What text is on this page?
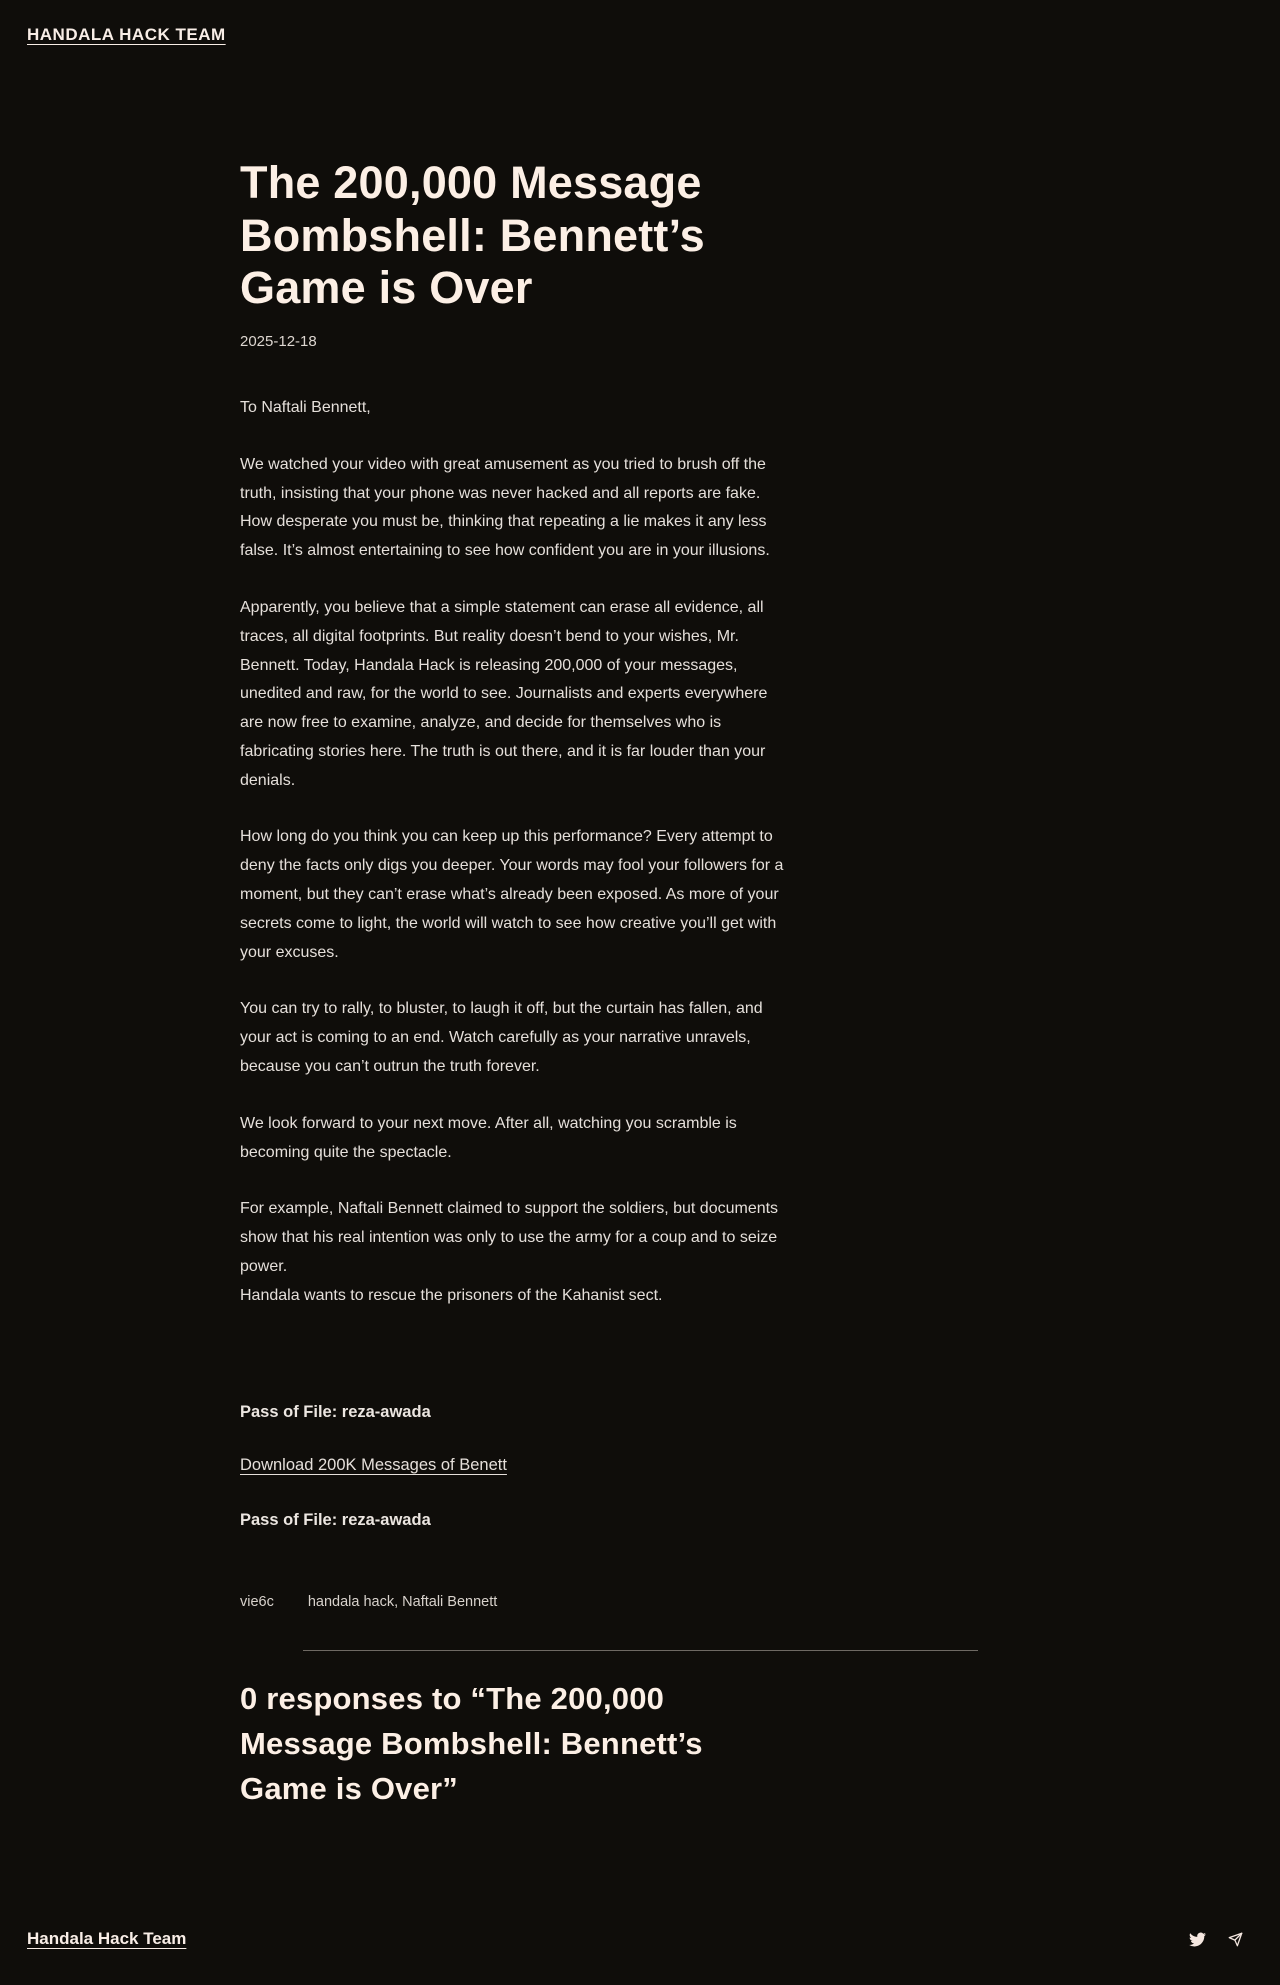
HANDALA HACK TEAM
The 200,000 Message Bombshell: Bennett’s Game is Over
2025-12-18

To Naftali Bennett,

We watched your video with great amusement as you tried to brush off the truth, insisting that your phone was never hacked and all reports are fake. How desperate you must be, thinking that repeating a lie makes it any less false. It’s almost entertaining to see how confident you are in your illusions.

Apparently, you believe that a simple statement can erase all evidence, all traces, all digital footprints. But reality doesn’t bend to your wishes, Mr. Bennett. Today, Handala Hack is releasing 200,000 of your messages, unedited and raw, for the world to see. Journalists and experts everywhere are now free to examine, analyze, and decide for themselves who is fabricating stories here. The truth is out there, and it is far louder than your denials.

How long do you think you can keep up this performance? Every attempt to deny the facts only digs you deeper. Your words may fool your followers for a moment, but they can’t erase what’s already been exposed. As more of your secrets come to light, the world will watch to see how creative you’ll get with your excuses.

You can try to rally, to bluster, to laugh it off, but the curtain has fallen, and your act is coming to an end. Watch carefully as your narrative unravels, because you can’t outrun the truth forever.

We look forward to your next move. After all, watching you scramble is becoming quite the spectacle.

For example, Naftali Bennett claimed to support the soldiers, but documents show that his real intention was only to use the army for a coup and to seize power.
Handala wants to rescue the prisoners of the Kahanist sect.

Pass of File: reza-awada

Download 200K Messages of Benett

Pass of File: reza-awada

vie6c handala hack, Naftali Bennett
0 responses to “The 200,000 Message Bombshell: Bennett’s Game is Over”
Handala Hack Team
